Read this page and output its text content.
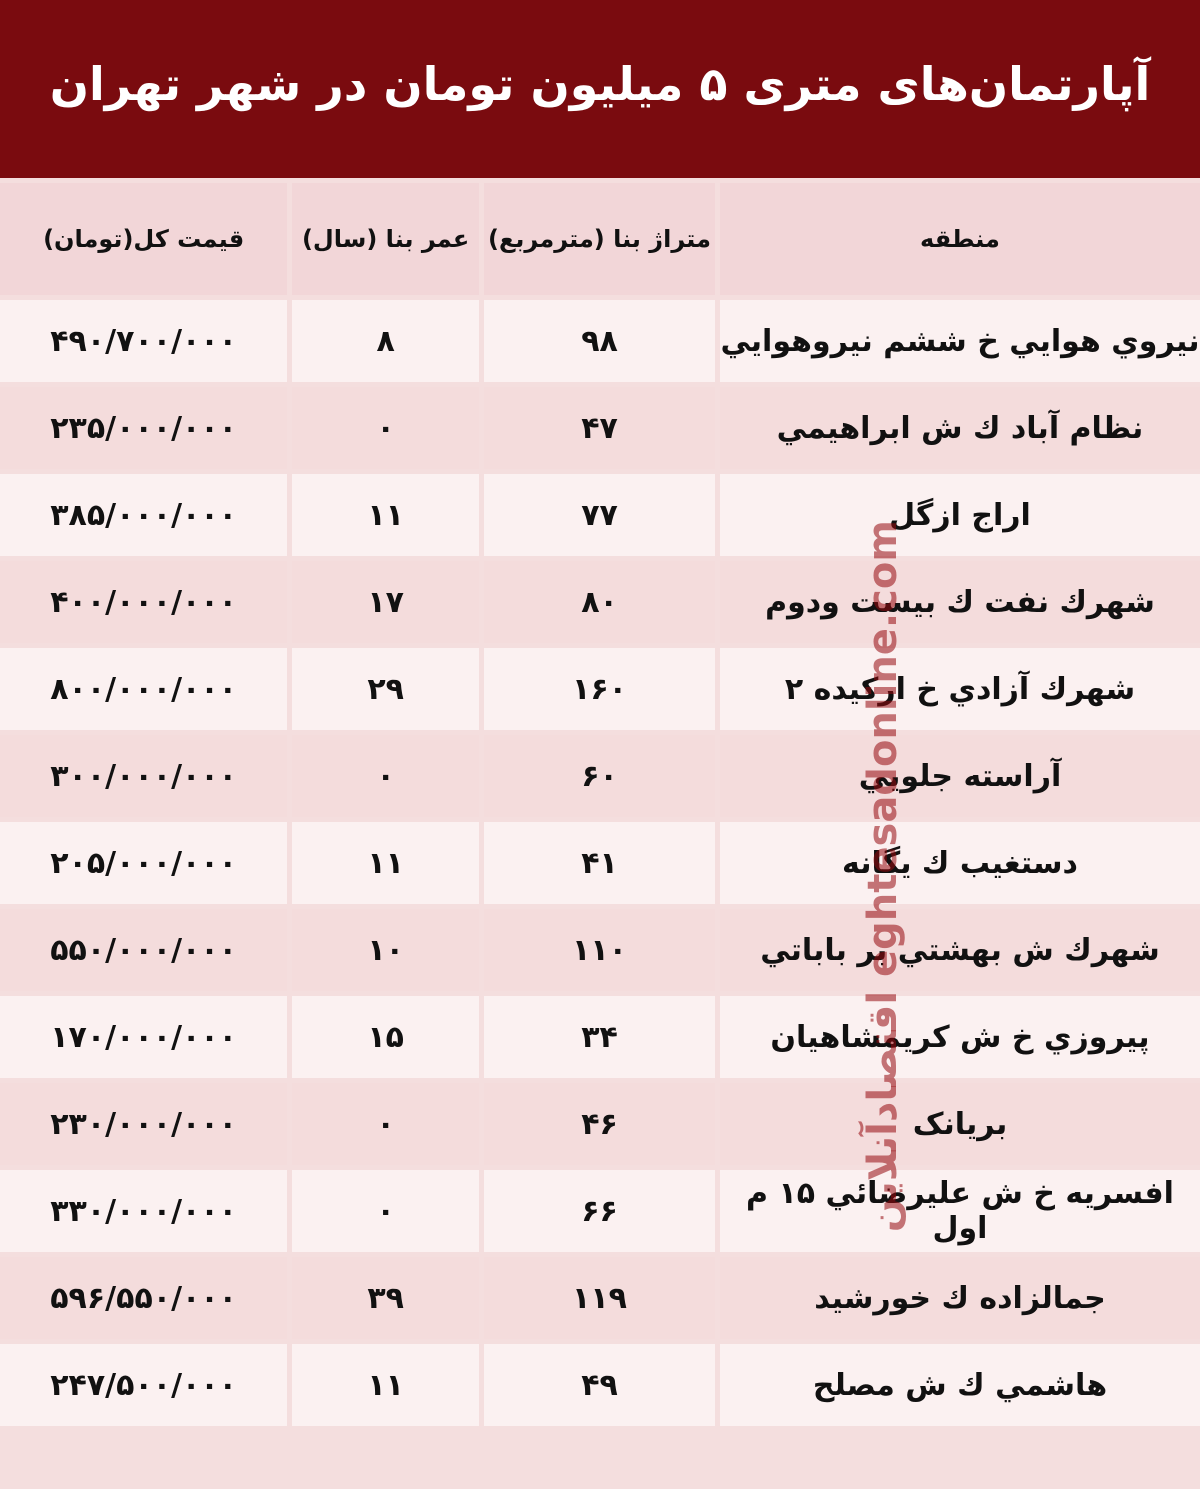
آپارتمان‌های متری ۵ میلیون تومان در شهر تهران
منطقه	متراژ بنا (مترمربع)	عمر بنا (سال)	قیمت کل(تومان)
نيروي هوايي خ ششم نيروهوايي	۹۸	۸	۴۹۰/۷۰۰/۰۰۰
نظام آباد ك ش ابراهيمي	۴۷	۰	۲۳۵/۰۰۰/۰۰۰
اراج ازگل	۷۷	۱۱	۳۸۵/۰۰۰/۰۰۰
شهرك نفت ك بيست ودوم	۸۰	۱۷	۴۰۰/۰۰۰/۰۰۰
شهرك آزادي خ اركيده ۲	۱۶۰	۲۹	۸۰۰/۰۰۰/۰۰۰
آراسته جلويي	۶۰	۰	۳۰۰/۰۰۰/۰۰۰
دستغيب ك يگانه	۴۱	۱۱	۲۰۵/۰۰۰/۰۰۰
شهرك ش بهشتي بر باباتي	۱۱۰	۱۰	۵۵۰/۰۰۰/۰۰۰
پيروزي خ ش كريمشاهيان	۳۴	۱۵	۱۷۰/۰۰۰/۰۰۰
بريانک	۴۶	۰	۲۳۰/۰۰۰/۰۰۰
افسريه خ ش عليرضائي ۱۵ م اول	۶۶	۰	۳۳۰/۰۰۰/۰۰۰
جمالزاده ك خورشيد	۱۱۹	۳۹	۵۹۶/۵۵۰/۰۰۰
هاشمي ك ش مصلح	۴۹	۱۱	۲۴۷/۵۰۰/۰۰۰
اقتصادآنلاین eghtesadonline.com
